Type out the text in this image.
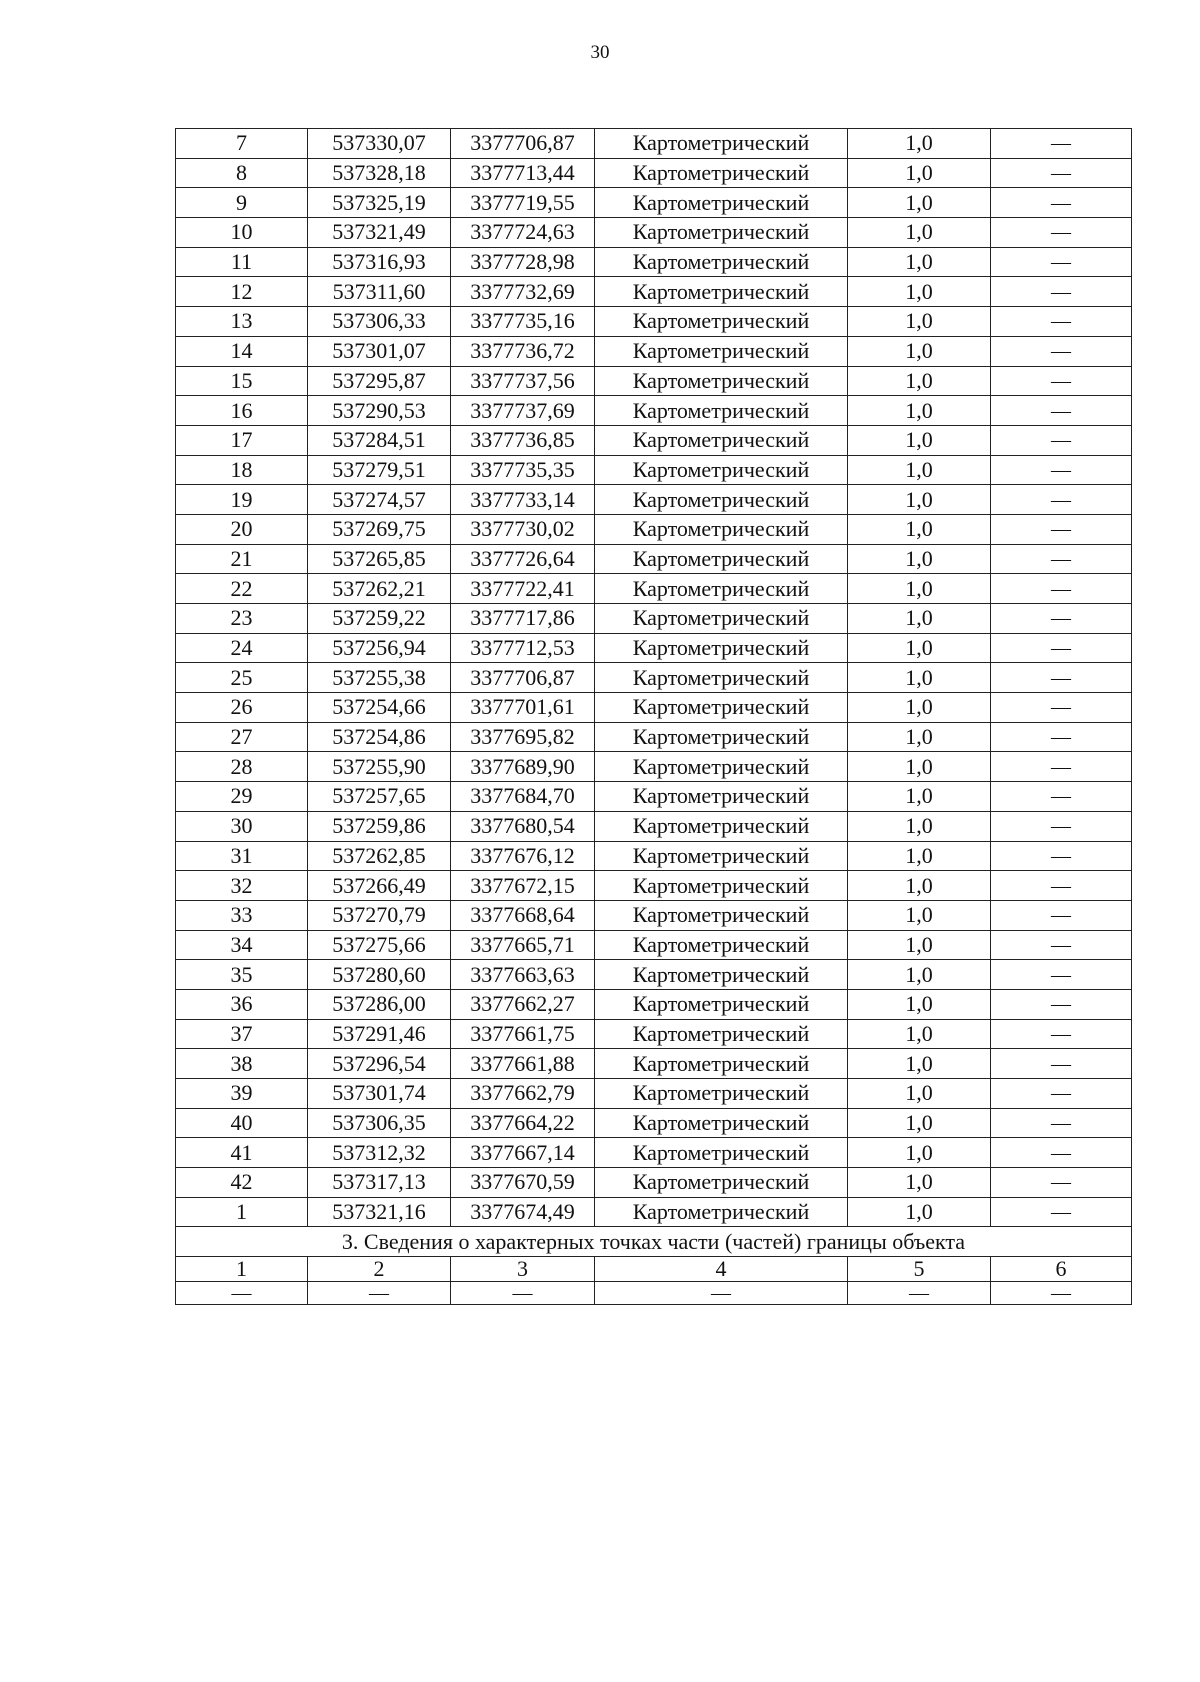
30
7	537330,07	3377706,87	Картометрический	1,0	—
8	537328,18	3377713,44	Картометрический	1,0	—
9	537325,19	3377719,55	Картометрический	1,0	—
10	537321,49	3377724,63	Картометрический	1,0	—
11	537316,93	3377728,98	Картометрический	1,0	—
12	537311,60	3377732,69	Картометрический	1,0	—
13	537306,33	3377735,16	Картометрический	1,0	—
14	537301,07	3377736,72	Картометрический	1,0	—
15	537295,87	3377737,56	Картометрический	1,0	—
16	537290,53	3377737,69	Картометрический	1,0	—
17	537284,51	3377736,85	Картометрический	1,0	—
18	537279,51	3377735,35	Картометрический	1,0	—
19	537274,57	3377733,14	Картометрический	1,0	—
20	537269,75	3377730,02	Картометрический	1,0	—
21	537265,85	3377726,64	Картометрический	1,0	—
22	537262,21	3377722,41	Картометрический	1,0	—
23	537259,22	3377717,86	Картометрический	1,0	—
24	537256,94	3377712,53	Картометрический	1,0	—
25	537255,38	3377706,87	Картометрический	1,0	—
26	537254,66	3377701,61	Картометрический	1,0	—
27	537254,86	3377695,82	Картометрический	1,0	—
28	537255,90	3377689,90	Картометрический	1,0	—
29	537257,65	3377684,70	Картометрический	1,0	—
30	537259,86	3377680,54	Картометрический	1,0	—
31	537262,85	3377676,12	Картометрический	1,0	—
32	537266,49	3377672,15	Картометрический	1,0	—
33	537270,79	3377668,64	Картометрический	1,0	—
34	537275,66	3377665,71	Картометрический	1,0	—
35	537280,60	3377663,63	Картометрический	1,0	—
36	537286,00	3377662,27	Картометрический	1,0	—
37	537291,46	3377661,75	Картометрический	1,0	—
38	537296,54	3377661,88	Картометрический	1,0	—
39	537301,74	3377662,79	Картометрический	1,0	—
40	537306,35	3377664,22	Картометрический	1,0	—
41	537312,32	3377667,14	Картометрический	1,0	—
42	537317,13	3377670,59	Картометрический	1,0	—
1	537321,16	3377674,49	Картометрический	1,0	—
3. Сведения о характерных точках части (частей) границы объекта					
1	2	3	4	5	6
—	—	—	—	—	—
